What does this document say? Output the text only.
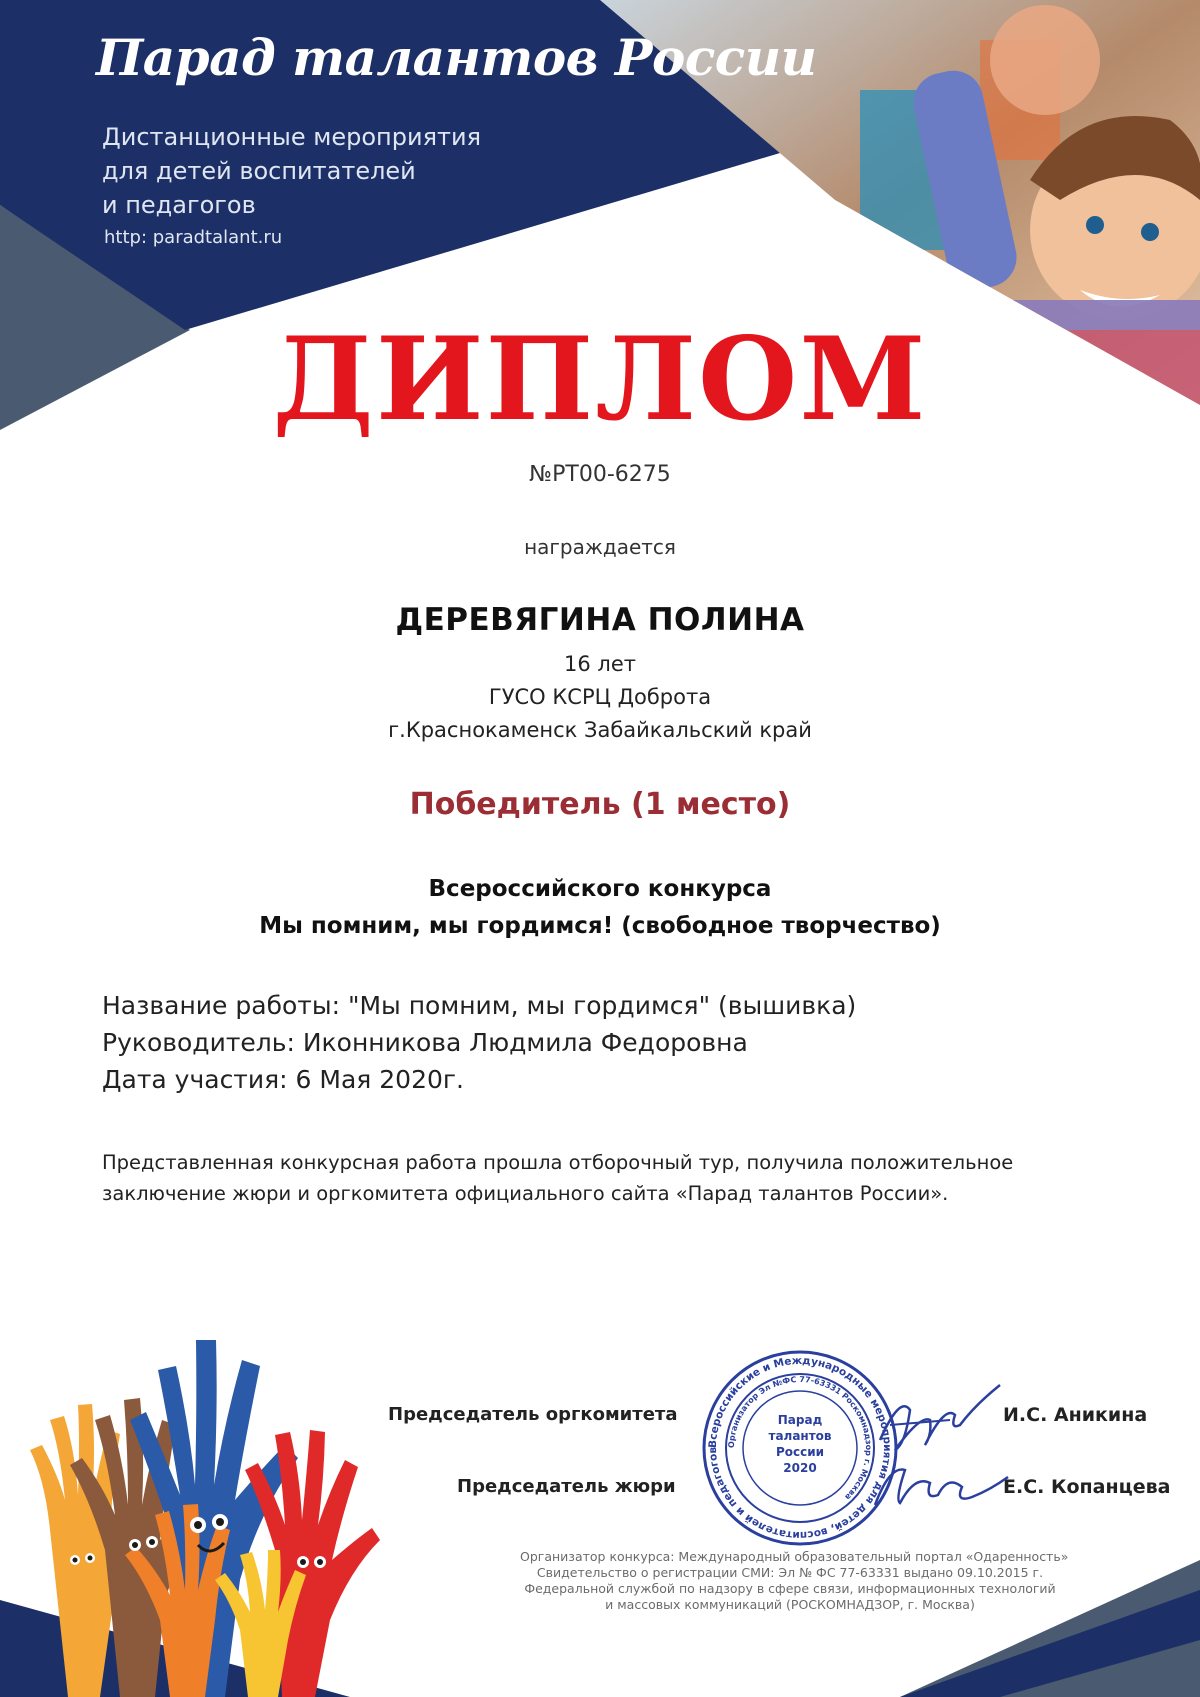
Парад талантов России
Дистанционные мероприятия
для детей воспитателей
и педагогов
http: paradtalant.ru
ДИПЛОМ
№РТ00-6275
награждается
ДЕРЕВЯГИНА ПОЛИНА
16 лет
ГУСО КСРЦ Доброта
г.Краснокаменск Забайкальский край
Победитель (1 место)
Всероссийского конкурса
Мы помним, мы гордимся! (свободное творчество)
Название работы: "Мы помним, мы гордимся" (вышивка)
Руководитель: Иконникова Людмила Федоровна
Дата участия: 6 Мая 2020г.
Представленная конкурсная работа прошла отборочный тур, получила положительное
заключение жюри и оргкомитета официального сайта «Парад талантов России».
Председатель оргкомитета
Председатель жюри
И.С. Аникина
Е.С. Копанцева
Всероссийские и Международные мероприятия для детей, воспитателей и педагогов
Организатор Эл №ФС 77-63331 Роскомнадзор г. Москва
Парад
талантов
России
2020
Организатор конкурса: Международный образовательный портал «Одаренность»
Свидетельство о регистрации СМИ: Эл № ФС 77-63331 выдано 09.10.2015 г.
Федеральной службой по надзору в сфере связи, информационных технологий
и массовых коммуникаций (РОСКОМНАДЗОР, г. Москва)
